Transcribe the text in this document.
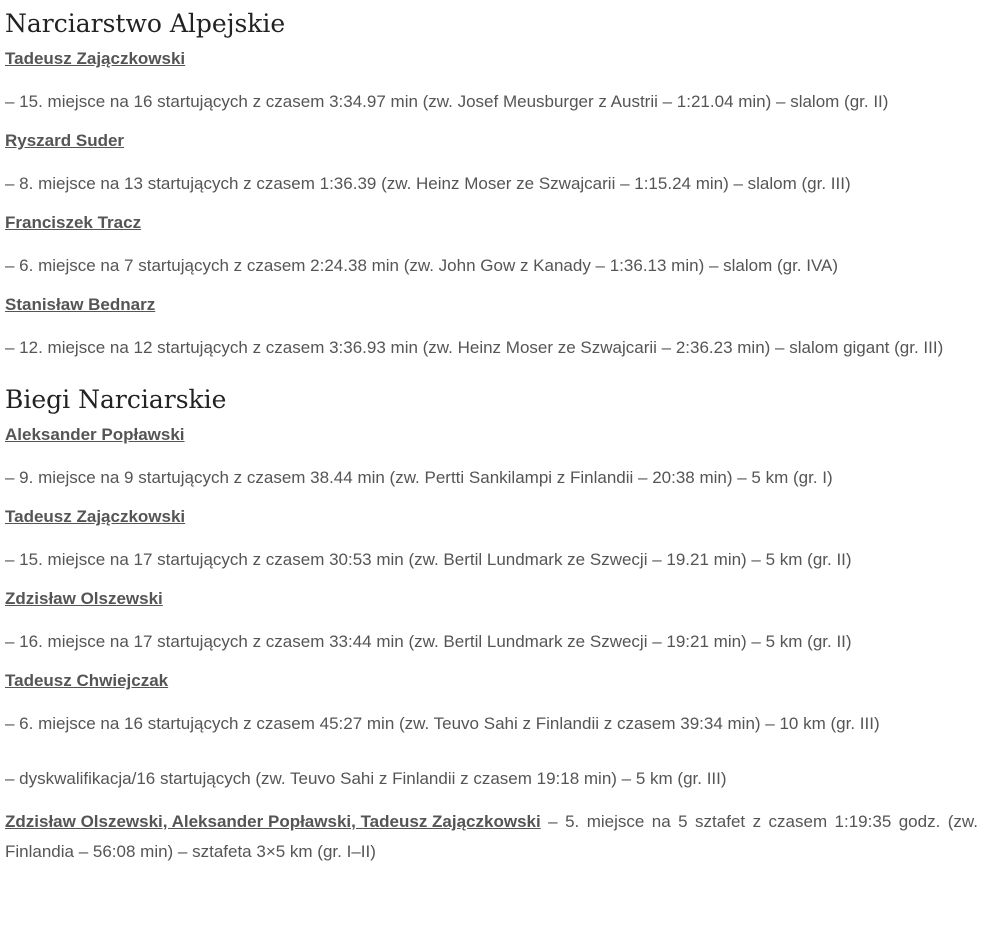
Narciarstwo Alpejskie
Tadeusz Zajączkowski

– 15. miejsce na 16 startujących z czasem 3:34.97 min (zw. Josef Meusburger z Austrii – 1:21.04 min) – slalom (gr. II)

Ryszard Suder

– 8. miejsce na 13 startujących z czasem 1:36.39 (zw. Heinz Moser ze Szwajcarii – 1:15.24 min) – slalom (gr. III)

Franciszek Tracz

– 6. miejsce na 7 startujących z czasem 2:24.38 min (zw. John Gow z Kanady – 1:36.13 min) – slalom (gr. IVA)

Stanisław Bednarz

– 12. miejsce na 12 startujących z czasem 3:36.93 min (zw. Heinz Moser ze Szwajcarii – 2:36.23 min) – slalom gigant (gr. III)

Biegi Narciarskie
Aleksander Popławski

– 9. miejsce na 9 startujących z czasem 38.44 min (zw. Pertti Sankilampi z Finlandii – 20:38 min) – 5 km (gr. I)

Tadeusz Zajączkowski

– 15. miejsce na 17 startujących z czasem 30:53 min (zw. Bertil Lundmark ze Szwecji – 19.21 min) – 5 km (gr. II)

Zdzisław Olszewski

– 16. miejsce na 17 startujących z czasem 33:44 min (zw. Bertil Lundmark ze Szwecji – 19:21 min) – 5 km (gr. II)

Tadeusz Chwiejczak

– 6. miejsce na 16 startujących z czasem 45:27 min (zw. Teuvo Sahi z Finlandii z czasem 39:34 min) – 10 km (gr. III)

– dyskwalifikacja/16 startujących (zw. Teuvo Sahi z Finlandii z czasem 19:18 min) – 5 km (gr. III)

Zdzisław Olszewski, Aleksander Popławski, Tadeusz Zajączkowski – 5. miejsce na 5 sztafet z czasem 1:19:35 godz. (zw. Finlandia – 56:08 min) – sztafeta 3×5 km (gr. I–II)
